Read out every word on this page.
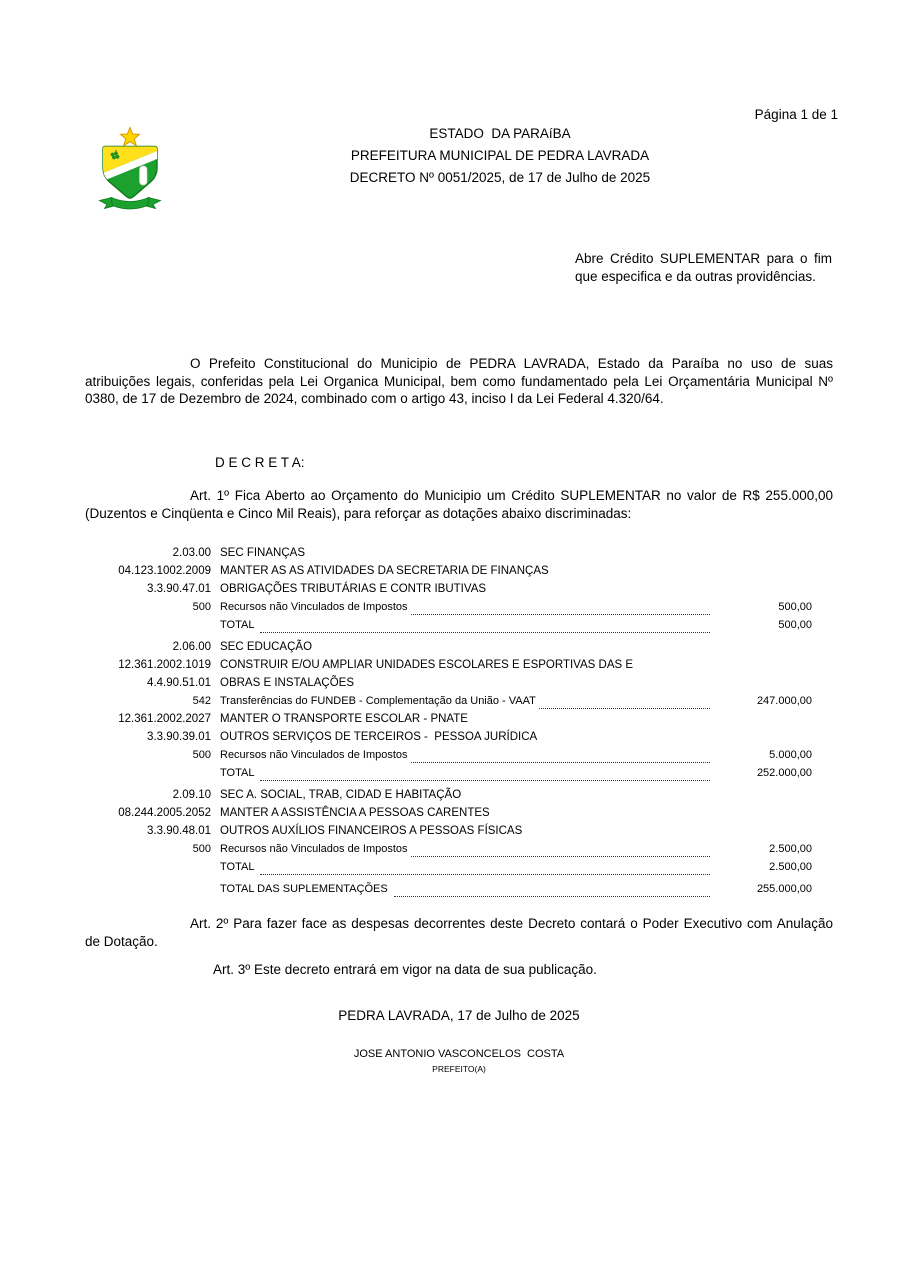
Página 1 de 1
ESTADO  DA PARAíBA
PREFEITURA MUNICIPAL DE PEDRA LAVRADA
DECRETO Nº 0051/2025, de 17 de Julho de 2025
Abre Crédito SUPLEMENTAR para o fim que especifica e da outras providências.
O Prefeito Constitucional do Municipio de PEDRA LAVRADA, Estado da Paraíba no uso de suas atribuições legais, conferidas pela Lei Organica Municipal, bem como fundamentado pela Lei Orçamentária Municipal Nº 0380, de 17 de Dezembro de 2024, combinado com o artigo 43, inciso I da Lei Federal 4.320/64.
D E C R E T A:
Art. 1º Fica Aberto ao Orçamento do Municipio um Crédito SUPLEMENTAR no valor de R$ 255.000,00 (Duzentos e Cinqüenta e Cinco Mil Reais), para reforçar as dotações abaixo discriminadas:
2.03.00 SEC FINANÇAS
04.123.1002.2009 MANTER AS AS ATIVIDADES DA SECRETARIA DE FINANÇAS
3.3.90.47.01 OBRIGAÇÕES TRIBUTÁRIAS E CONTR IBUTIVAS
500 Recursos não Vinculados de Impostos	500,00
TOTAL	500,00
2.06.00 SEC EDUCAÇÃO
12.361.2002.1019 CONSTRUIR E/OU AMPLIAR UNIDADES ESCOLARES E ESPORTIVAS DAS E
4.4.90.51.01 OBRAS E INSTALAÇÕES
542 Transferências do FUNDEB - Complementação da União - VAAT	247.000,00
12.361.2002.2027 MANTER O TRANSPORTE ESCOLAR - PNATE
3.3.90.39.01 OUTROS SERVIÇOS DE TERCEIROS -  PESSOA JURÍDICA
500 Recursos não Vinculados de Impostos	5.000,00
TOTAL	252.000,00
2.09.10 SEC A. SOCIAL, TRAB, CIDAD E HABITAÇÃO
08.244.2005.2052 MANTER A ASSISTÊNCIA A PESSOAS CARENTES
3.3.90.48.01 OUTROS AUXÍLIOS FINANCEIROS A PESSOAS FÍSICAS
500 Recursos não Vinculados de Impostos	2.500,00
TOTAL	2.500,00
TOTAL DAS SUPLEMENTAÇÕES	255.000,00
Art. 2º Para fazer face as despesas decorrentes deste Decreto contará o Poder Executivo com Anulação de Dotação.
Art. 3º Este decreto entrará em vigor na data de sua publicação.
PEDRA LAVRADA, 17 de Julho de 2025
JOSE ANTONIO VASCONCELOS  COSTA
PREFEITO(A)
